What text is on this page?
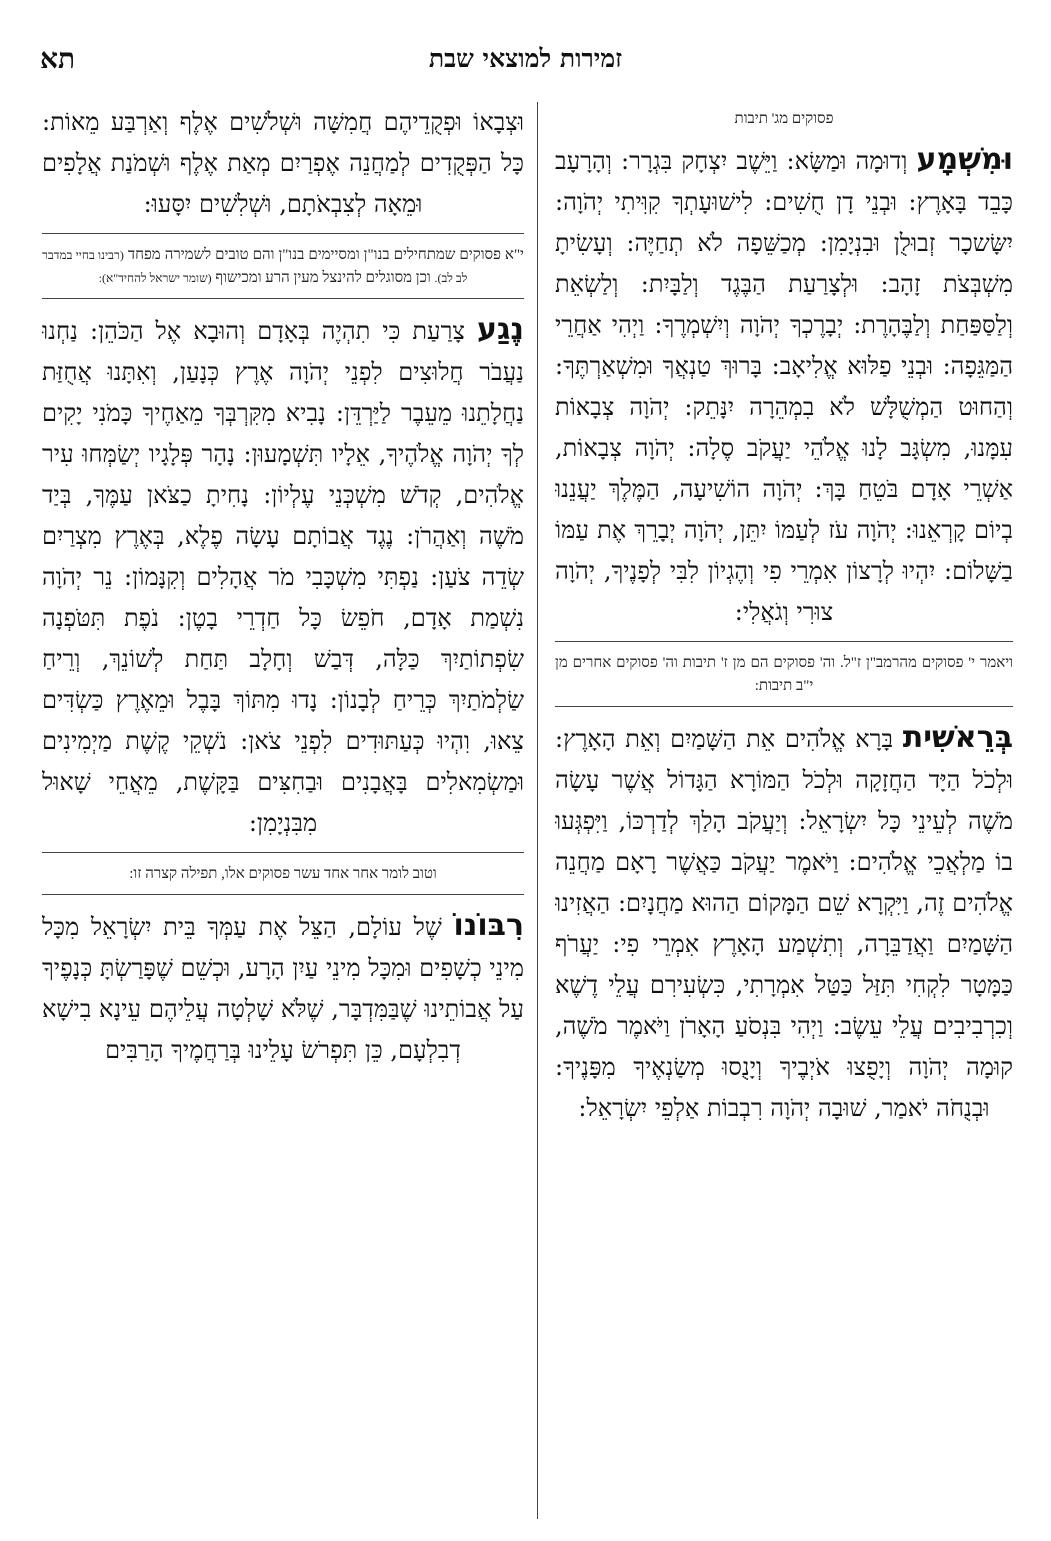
תא	זמירות למוצאי שבת
פסוקים מג' תיבות

וּמִשְׁמָע וְדוּמָה וּמַשָּׂא: וַיֵּשֶׁב יִצְחָק בִּגְרָר: וְהָרָעָב כָּבֵד בָּאָרֶץ: וּבְנֵי דָן חֻשִׁים: לִישׁוּעָתְךָ קִוִּיתִי יְהֹוָה: יִשָּׂשכָר זְבוּלֻן וּבִנְיָמִן: מְכַשֵּׁפָה לֹא תְחַיֶּה: וְעָשִׂיתָ מִשְׁבְּצֹת זָהָב: וּלְצָרַעַת הַבֶּגֶד וְלַבָּיִת: וְלַשְׂאֵת וְלַסַּפַּחַת וְלַבֶּהָרֶת: יְבָרֶכְךָ יְהֹוָה וְיִשְׁמְרֶךָ: וַיְהִי אַחֲרֵי הַמַּגֵּפָה: וּבְנֵי פַלּוּא אֱלִיאָב: בָּרוּךְ טַנְאֲךָ וּמִשְׁאַרְתֶּךָ: וְהַחוּט הַמְשֻׁלָּשׁ לֹא בִמְהֵרָה יִנָּתֵק: יְהֹוָה צְבָאוֹת עִמָּנוּ, מִשְׂגָּב לָנוּ אֱלֹהֵי יַעֲקֹב סֶלָה: יְהֹוָה צְבָאוֹת, אַשְׁרֵי אָדָם בֹּטֵחַ בָּךְ: יְהֹוָה הוֹשִׁיעָה, הַמֶּלֶךְ יַעֲנֵנוּ בְיוֹם קָרְאֵנוּ: יְהֹוָה עֹז לְעַמּוֹ יִתֵּן, יְהֹוָה יְבָרֵךְ אֶת עַמּוֹ בַשָּׁלוֹם: יִהְיוּ לְרָצוֹן אִמְרֵי פִי וְהֶגְיוֹן לִבִּי לְפָנֶיךָ, יְהֹוָה צוּרִי וְגֹאֲלִי:

ויאמר י' פסוקים מהרמב"ן ז"ל. וה' פסוקים הם מן ז' תיבות וה' פסוקים אחרים מן י"ב תיבות:

בְּרֵאשִׁית בָּרָא אֱלֹהִים אֵת הַשָּׁמַיִם וְאֵת הָאָרֶץ: וּלְכֹל הַיָּד הַחֲזָקָה וּלְכֹל הַמּוֹרָא הַגָּדוֹל אֲשֶׁר עָשָׂה מֹשֶׁה לְעֵינֵי כָּל יִשְׂרָאֵל: וְיַעֲקֹב הָלַךְ לְדַרְכּוֹ, וַיִּפְגְּעוּ בוֹ מַלְאֲכֵי אֱלֹהִים: וַיֹּאמֶר יַעֲקֹב כַּאֲשֶׁר רָאָם מַחֲנֵה אֱלֹהִים זֶה, וַיִּקְרָא שֵׁם הַמָּקוֹם הַהוּא מַחֲנָיִם: הַאֲזִינוּ הַשָּׁמַיִם וַאֲדַבֵּרָה, וְתִשְׁמַע הָאָרֶץ אִמְרֵי פִי: יַעֲרֹף כַּמָּטָר לִקְחִי תִּזַּל כַּטַּל אִמְרָתִי, כִּשְׂעִירִם עֲלֵי דֶשֶׁא וְכִרְבִיבִים עֲלֵי עֵשֶׂב: וַיְהִי בִּנְסֹעַ הָאָרֹן וַיֹּאמֶר מֹשֶׁה, קוּמָה יְהֹוָה וְיָפֻצוּ אֹיְבֶיךָ וְיָנֻסוּ מְשַׂנְאֶיךָ מִפָּנֶיךָ: וּבְנֻחֹה יֹאמַר, שׁוּבָה יְהֹוָה רִבְבוֹת אַלְפֵי יִשְׂרָאֵל:

וּצְבָאוֹ וּפְקֻדֵיהֶם חֲמִשָּׁה וּשְׁלֹשִׁים אֶלֶף וְאַרְבַּע מֵאוֹת: כָּל הַפְּקֻדִים לְמַחֲנֵה אֶפְרַיִם מְאַת אֶלֶף וּשְׁמֹנַת אֲלָפִים וּמֵאָה לְצִבְאֹתָם, וּשְׁלִשִׁים יִסָּעוּ:

י"א פסוקים שמתחילים בנו"ן ומסיימים בנו"ן והם טובים לשמירה מפחד (רבינו בחיי במדבר לב לב). וכן מסוגלים להינצל מעין הרע ומכישוף (שומר ישראל להחיד"א):

נֶגַע צָרַעַת כִּי תִהְיֶה בְּאָדָם וְהוּבָא אֶל הַכֹּהֵן: נַחְנוּ נַעֲבֹר חֲלוּצִים לִפְנֵי יְהֹוָה אֶרֶץ כְּנָעַן, וְאִתָּנוּ אֲחֻזַּת נַחֲלָתֵנוּ מֵעֵבֶר לַיַּרְדֵּן: נָבִיא מִקִּרְבְּךָ מֵאַחֶיךָ כָּמֹנִי יָקִים לְךָ יְהֹוָה אֱלֹהֶיךָ, אֵלָיו תִּשְׁמָעוּן: נָהָר פְּלָגָיו יְשַׂמְּחוּ עִיר אֱלֹהִים, קְדֹשׁ מִשְׁכְּנֵי עֶלְיוֹן: נָחִיתָ כַצֹּאן עַמֶּךָ, בְּיַד מֹשֶׁה וְאַהֲרֹן: נֶגֶד אֲבוֹתָם עָשָׂה פֶלֶא, בְּאֶרֶץ מִצְרַיִם שְׂדֵה צֹעַן: נַפְתִּי מִשְׁכָּבִי מֹר אֲהָלִים וְקִנָּמוֹן: נֵר יְהֹוָה נִשְׁמַת אָדָם, חֹפֵשׂ כָּל חַדְרֵי בָטֶן: נֹפֶת תִּטֹּפְנָה שִׂפְתוֹתַיִךְ כַּלָּה, דְּבַשׁ וְחָלָב תַּחַת לְשׁוֹנֵךְ, וְרֵיחַ שַׂלְמֹתַיִךְ כְּרֵיחַ לְבָנוֹן: נָדוּ מִתּוֹךְ בָּבֶל וּמֵאֶרֶץ כַּשְׂדִּים צֵאוּ, וִהְיוּ כְּעַתּוּדִים לִפְנֵי צֹאן: נֹשְׁקֵי קֶשֶׁת מַיְמִינִים וּמַשְׂמִאלִים בָּאֲבָנִים וּבַחִצִּים בַּקָּשֶׁת, מֵאֲחֵי שָׁאוּל מִבִּנְיָמִן:

וטוב לומר אחר אחד עשר פסוקים אלו, תפילה קצרה זו:

רִבּוֹנוֹ שֶׁל עוֹלָם, הַצֵּל אֶת עַמְּךָ בֵּית יִשְׂרָאֵל מִכָּל מִינֵי כְשָׁפִים וּמִכָּל מִינֵי עַיִן הָרָע, וּכְשֵׁם שֶׁפָּרַשְׂתָּ כְּנָפֶיךָ עַל אֲבוֹתֵינוּ שֶׁבַּמִּדְבָּר, שֶׁלֹּא שָׁלְטָה עֲלֵיהֶם עֵינָא בִישָׁא דְבִלְעָם, כֵּן תִּפְרֹשׂ עָלֵינוּ בְּרַחֲמֶיךָ הָרַבִּים
